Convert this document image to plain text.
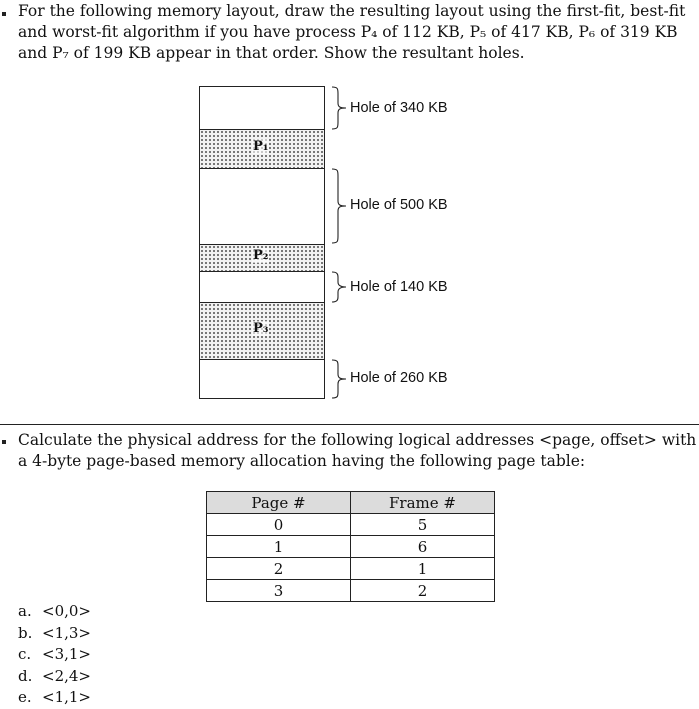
For the following memory layout, draw the resulting layout using the first-fit, best-fit and worst-fit algorithm if you have process P₄ of 112 KB, P₅ of 417 KB, P₆ of 319 KB and P₇ of 199 KB appear in that order. Show the resultant holes.

P₁
P₂
P₃
Hole of 340 KB
Hole of 500 KB
Hole of 140 KB
Hole of 260 KB

Calculate the physical address for the following logical addresses <page, offset> with a 4-byte page-based memory allocation having the following page table:

Page #	Frame #
0	5
1	6
2	1
3	2
a. <0,0>
b. <1,3>
c. <3,1>
d. <2,4>
e. <1,1>
